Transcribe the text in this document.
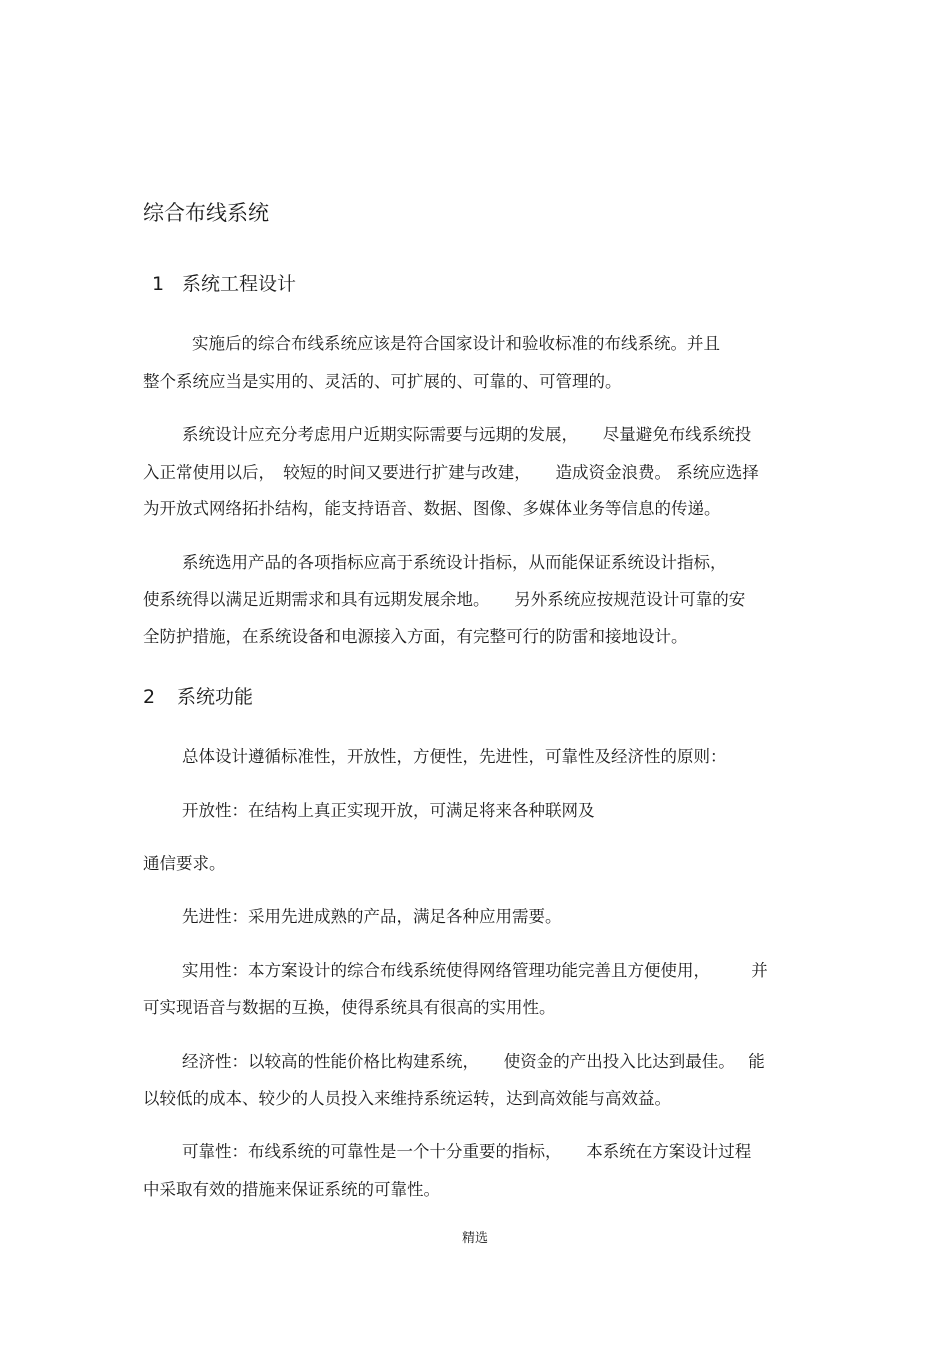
综合布线系统
1 系统工程设计
实施后的综合布线系统应该是符合国家设计和验收标准的布线系统。并且
整个系统应当是实用的、灵活的、可扩展的、可靠的、可管理的。
系统设计应充分考虑用户近期实际需要与远期的发展，　　尽量避免布线系统投
入正常使用以后，　较短的时间又要进行扩建与改建，　　造成资金浪费。 系统应选择
为开放式网络拓扑结构，能支持语音、数据、图像、多媒体业务等信息的传递。
系统选用产品的各项指标应高于系统设计指标，从而能保证系统设计指标，
使系统得以满足近期需求和具有远期发展余地。　　另外系统应按规范设计可靠的安
全防护措施，在系统设备和电源接入方面，有完整可行的防雷和接地设计。
2 系统功能
总体设计遵循标准性，开放性，方便性，先进性，可靠性及经济性的原则：
开放性：在结构上真正实现开放，可满足将来各种联网及
通信要求。
先进性：采用先进成熟的产品，满足各种应用需要。
实用性：本方案设计的综合布线系统使得网络管理功能完善且方便使用，　　　并
可实现语音与数据的互换，使得系统具有很高的实用性。
经济性：以较高的性能价格比构建系统，　　使资金的产出投入比达到最佳。　 能
以较低的成本、较少的人员投入来维持系统运转，达到高效能与高效益。
可靠性：布线系统的可靠性是一个十分重要的指标，　　本系统在方案设计过程
中采取有效的措施来保证系统的可靠性。
精选
